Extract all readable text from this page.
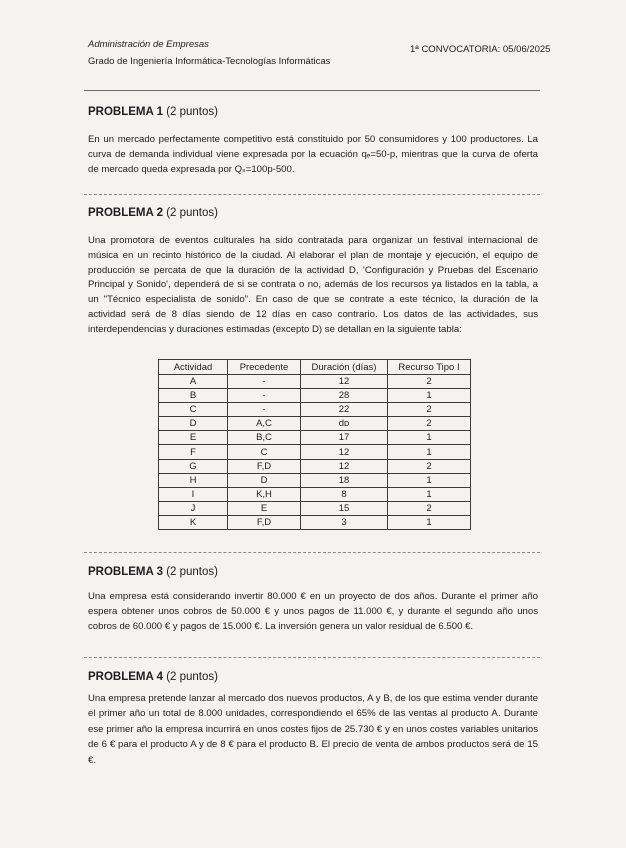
Administración de Empresas
Grado de Ingeniería Informática-Tecnologías Informáticas
1ª CONVOCATORIA: 05/06/2025
PROBLEMA 1 (2 puntos)
En un mercado perfectamente competitivo está constituido por 50 consumidores y 100 productores. La curva de demanda individual viene expresada por la ecuación qₑ=50-p, mientras que la curva de oferta de mercado queda expresada por Qₛ=100p-500.
PROBLEMA 2 (2 puntos)
Una promotora de eventos culturales ha sido contratada para organizar un festival internacional de música en un recinto histórico de la ciudad. Al elaborar el plan de montaje y ejecución, el equipo de producción se percata de que la duración de la actividad D, 'Configuración y Pruebas del Escenario Principal y Sonido', dependerá de si se contrata o no, además de los recursos ya listados en la tabla, a un "Técnico especialista de sonido". En caso de que se contrate a este técnico, la duración de la actividad será de 8 días siendo de 12 días en caso contrario. Los datos de las actividades, sus interdependencias y duraciones estimadas (excepto D) se detallan en la siguiente tabla:
Actividad	Precedente	Duración (días)	Recurso Tipo I
A	-	12	2
B	-	28	1
C	-	22	2
D	A,C	dᴅ	2
E	B,C	17	1
F	C	12	1
G	F,D	12	2
H	D	18	1
I	K,H	8	1
J	E	15	2
K	F,D	3	1
PROBLEMA 3 (2 puntos)
Una empresa está considerando invertir 80.000 € en un proyecto de dos años. Durante el primer año espera obtener unos cobros de 50.000 € y unos pagos de 11.000 €, y durante el segundo año unos cobros de 60.000 € y pagos de 15.000 €. La inversión genera un valor residual de 6.500 €.
PROBLEMA 4 (2 puntos)
Una empresa pretende lanzar al mercado dos nuevos productos, A y B, de los que estima vender durante el primer año un total de 8.000 unidades, correspondiendo el 65% de las ventas al producto A. Durante ese primer año la empresa incurrirá en unos costes fijos de 25.730 € y en unos costes variables unitarios de 6 € para el producto A y de 8 € para el producto B. El precio de venta de ambos productos será de 15 €.
